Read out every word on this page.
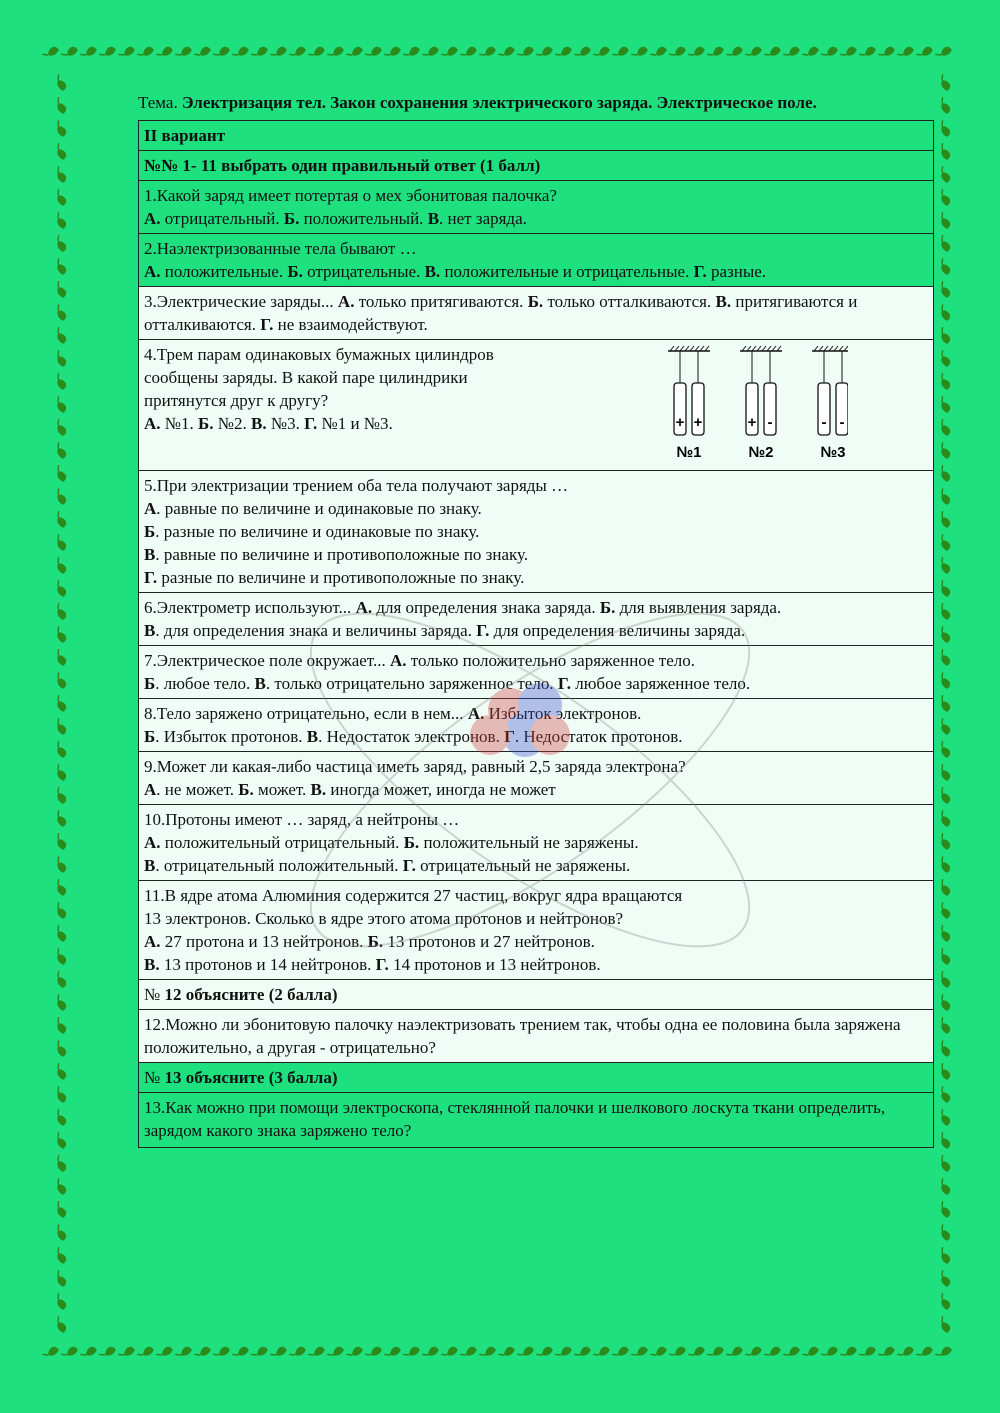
Тема. Электризация тел. Закон сохранения электрического заряда. Электрическое поле.
II вариант
№№ 1- 11 выбрать один правильный ответ (1 балл)

1.Какой заряд имеет потертая о мех эбонитовая палочка?
А. отрицательный. Б. положительный. В. нет заряда.

2.Наэлектризованные тела бывают …
А. положительные. Б. отрицательные. В. положительные и отрицательные. Г. разные.

3.Электрические заряды... А. только притягиваются. Б. только отталкиваются. В. притягиваются и отталкиваются. Г. не взаимодействуют.

4.Трем парам одинаковых бумажных цилиндров
сообщены заряды. В какой паре цилиндрики
притянутся друг к другу?
А. №1. Б. №2. В. №3. Г. №1 и №3.	+ +
№1
+ -
№2
- -
№3

5.При электризации трением оба тела получают заряды …
А. равные по величине и одинаковые по знаку.
Б. разные по величине и одинаковые по знаку.
В. равные по величине и противоположные по знаку.
Г. разные по величине и противоположные по знаку.

6.Электрометр используют... А. для определения знака заряда. Б. для выявления заряда.
В. для определения знака и величины заряда. Г. для определения величины заряда.
7.Электрическое поле окружает... А. только положительно заряженное тело.
Б. любое тело. В. только отрицательно заряженное тело. Г. любое заряженное тело.
8.Тело заряжено отрицательно, если в нем... А. Избыток электронов.
Б. Избыток протонов. В. Недостаток электронов. Г. Недостаток протонов.

9.Может ли какая-либо частица иметь заряд, равный 2,5 заряда электрона?
А. не может. Б. может. В. иногда может, иногда не может

10.Протоны имеют … заряд, а нейтроны …
А. положительный отрицательный. Б. положительный не заряжены.
В. отрицательный положительный. Г. отрицательный не заряжены.

11.В ядре атома Алюминия содержится 27 частиц, вокруг ядра вращаются
13 электронов. Сколько в ядре этого атома протонов и нейтронов?
А. 27 протона и 13 нейтронов. Б. 13 протонов и 27 нейтронов.
В. 13 протонов и 14 нейтронов. Г. 14 протонов и 13 нейтронов.

№ 12 объясните (2 балла)
12.Можно ли эбонитовую палочку наэлектризовать трением так, чтобы одна ее половина была заряжена положительно, а другая - отрицательно?
№ 13 объясните (3 балла)
13.Как можно при помощи электроскопа, стеклянной палочки и шелкового лоскута ткани определить, зарядом какого знака заряжено тело?
